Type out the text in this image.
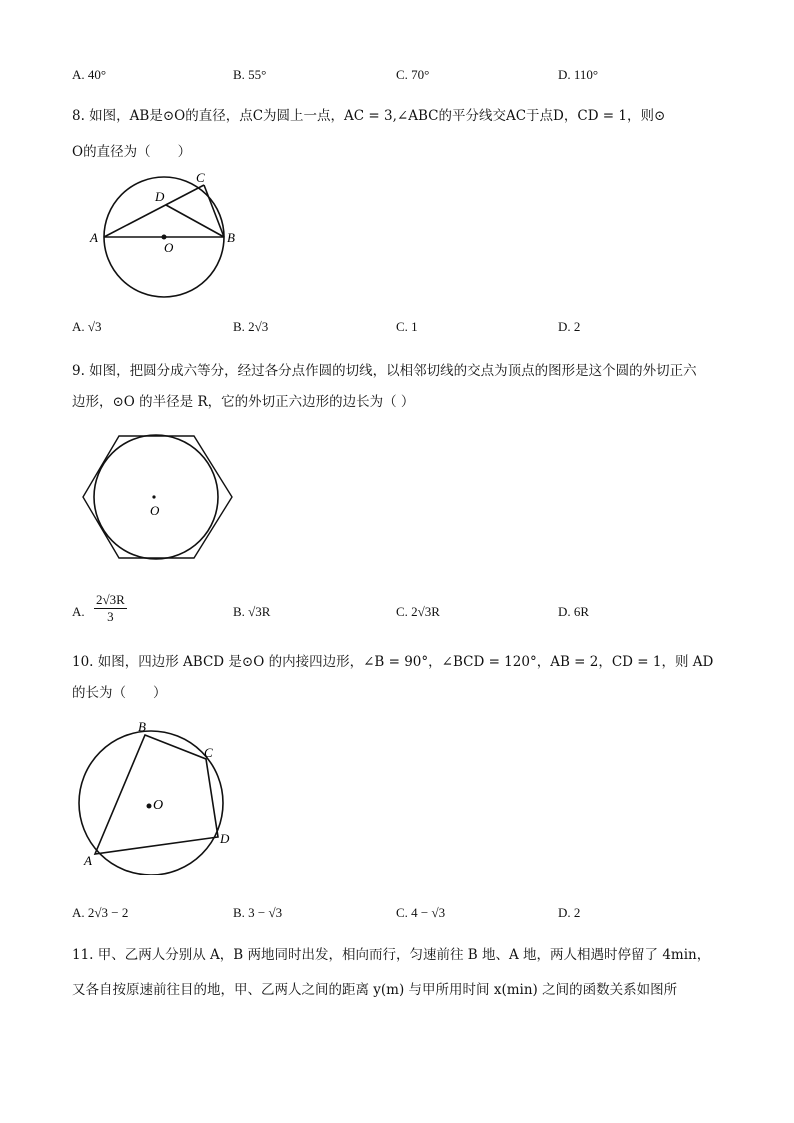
A. 40°	B. 55°	C. 70°	D. 110°
8. 如图，AB是⊙O的直径，点C为圆上一点，AC = 3,∠ABC的平分线交AC于点D，CD = 1，则⊙
O的直径为（　　）
A	B
C
D
O
A. √3	B. 2√3	C. 1	D. 2
9. 如图，把圆分成六等分，经过各分点作圆的切线，以相邻切线的交点为顶点的图形是这个圆的外切正六
边形，⊙O 的半径是 R，它的外切正六边形的边长为（ ）
O
A. $\frac{2√3R}{3}$	B. √3R	C. 2√3R	D. 6R
10. 如图，四边形 ABCD 是⊙O 的内接四边形，∠B = 90°，∠BCD = 120°，AB = 2，CD = 1，则 AD
的长为（　　）
O
B
C
D
A
A. 2√3 − 2	B. 3 − √3	C. 4 − √3	D. 2
11. 甲、乙两人分别从 A，B 两地同时出发，相向而行，匀速前往 B 地、A 地，两人相遇时停留了 4min，
又各自按原速前往目的地，甲、乙两人之间的距离 y(m) 与甲所用时间 x(min) 之间的函数关系如图所
